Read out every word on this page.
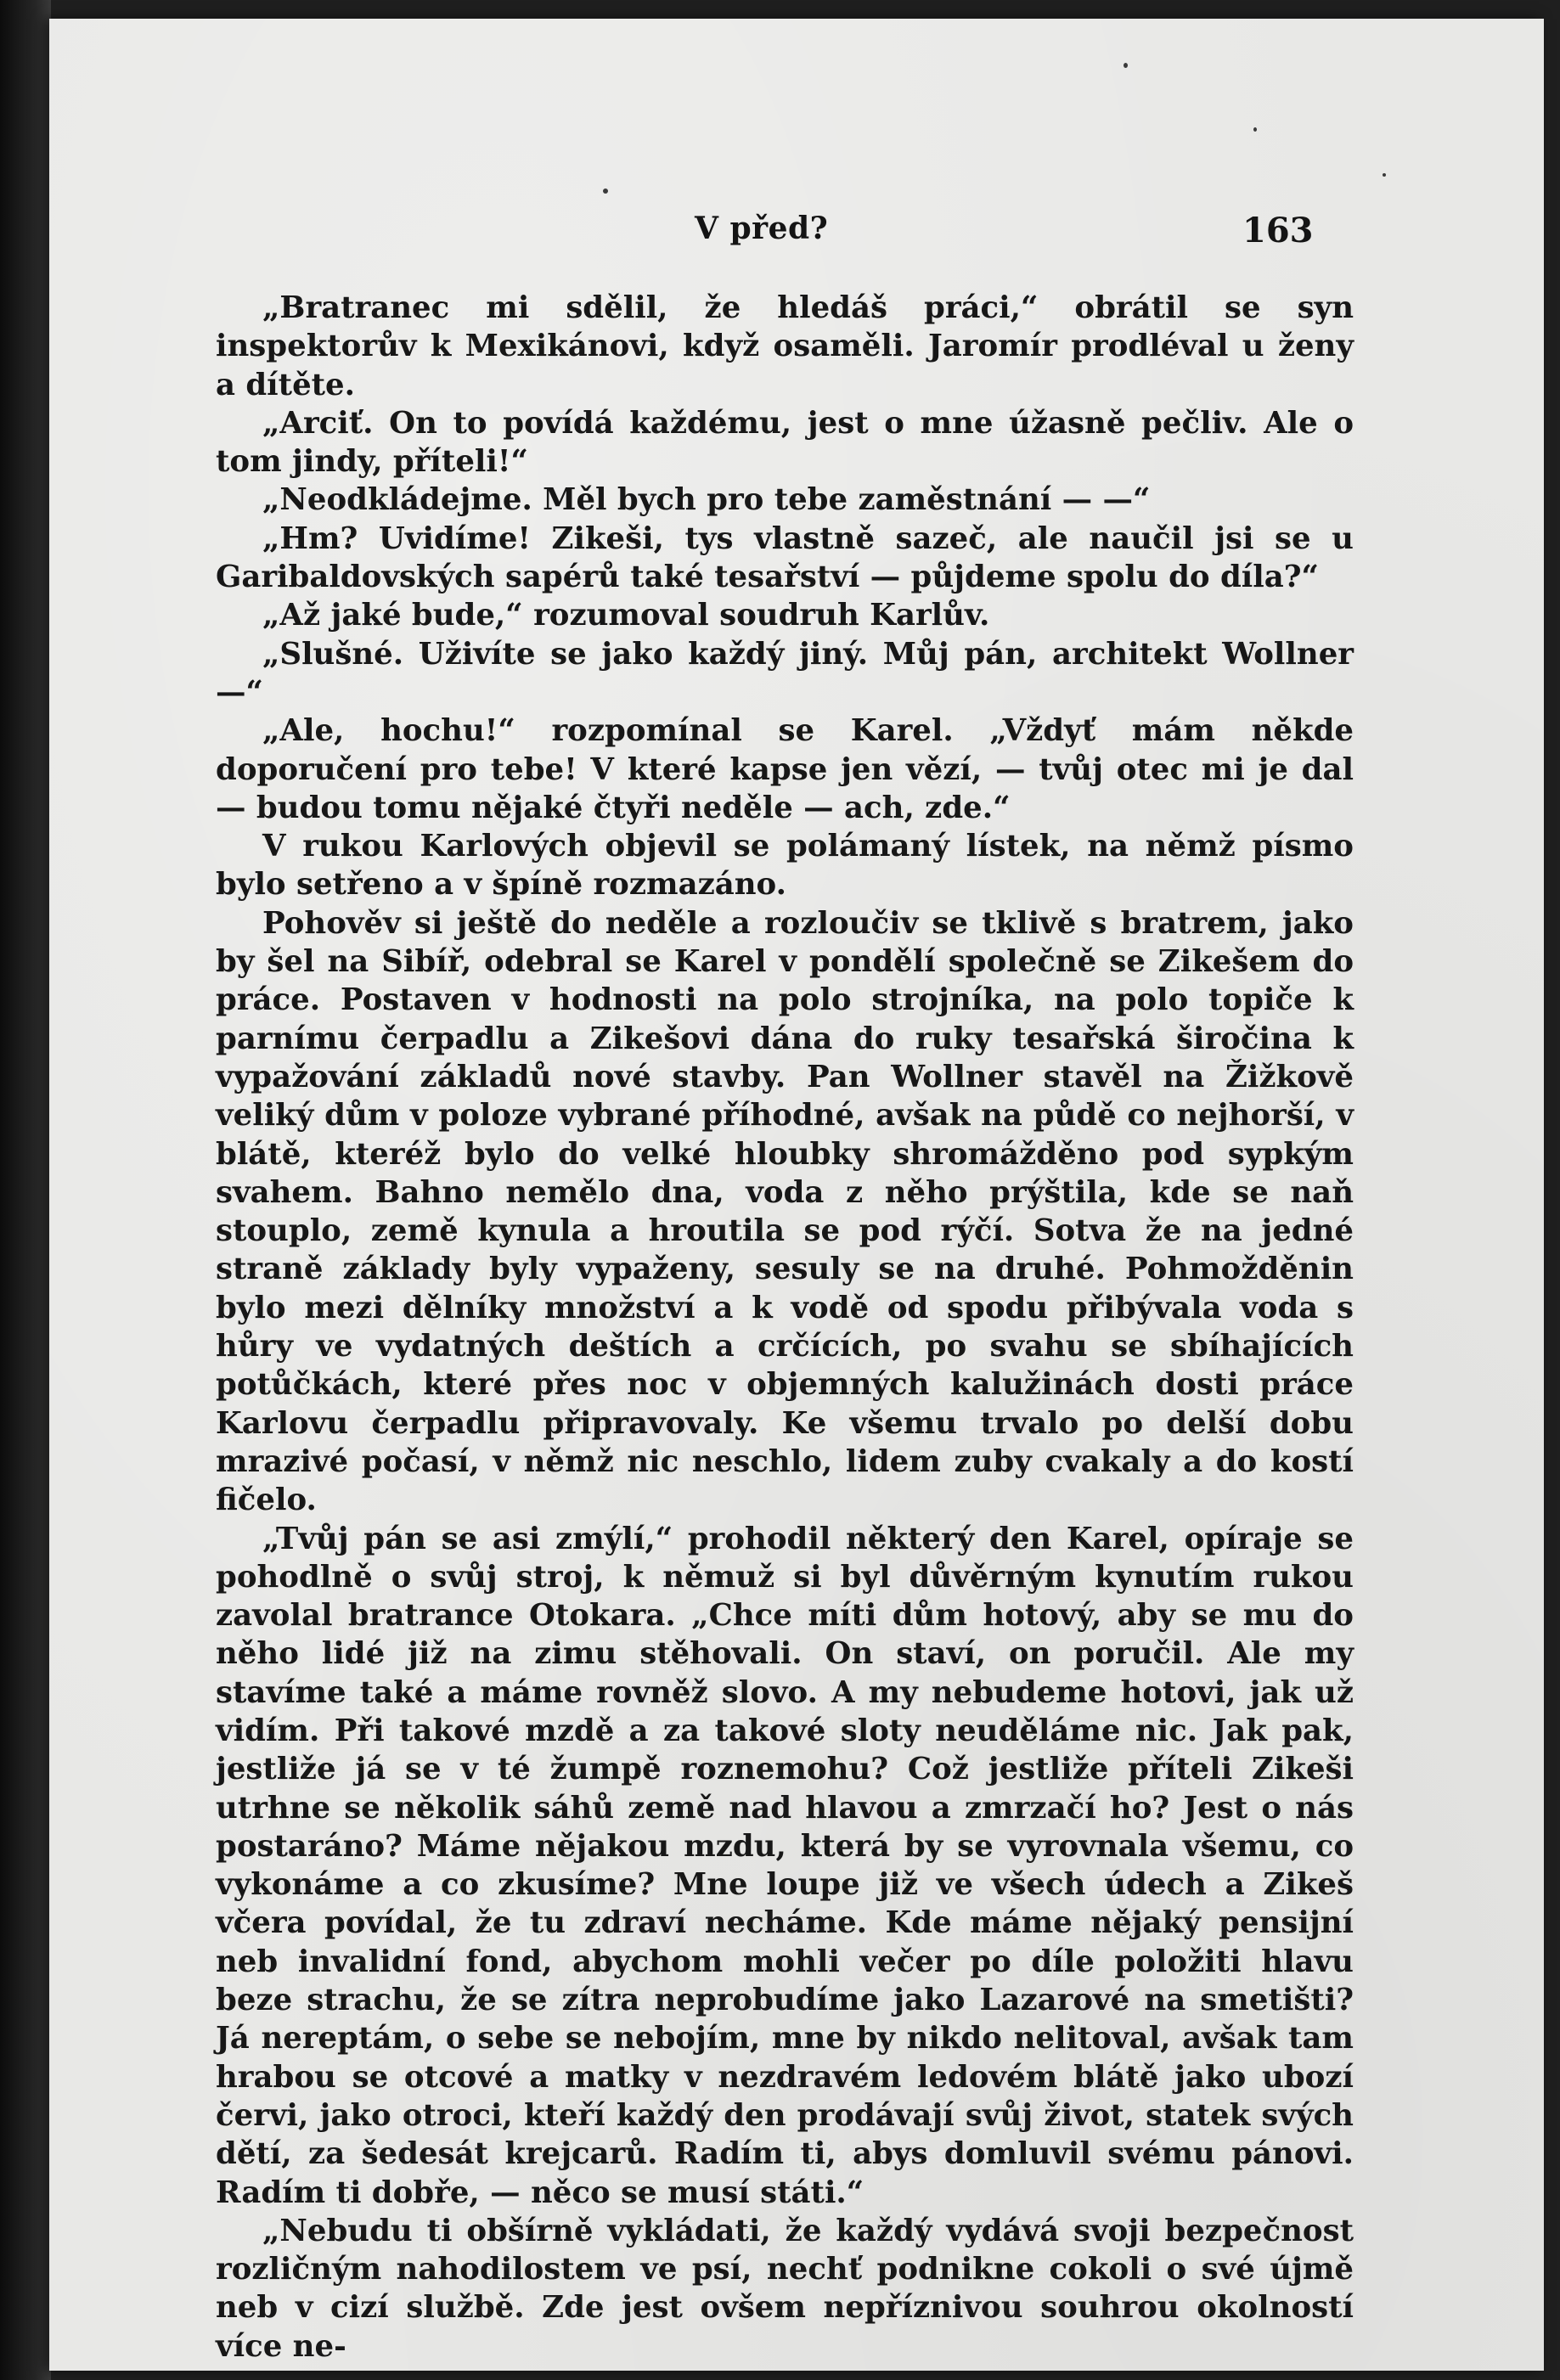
V před?	163

„Bratranec mi sdělil, že hledáš práci,“ obrátil se syn inspektorův k Mexikánovi, když osaměli. Jaromír prodléval u ženy a dítěte.

„Arciť. On to povídá každému, jest o mne úžasně pečliv. Ale o tom jindy, příteli!“

„Neodkládejme. Měl bych pro tebe zaměstnání — —“

„Hm? Uvidíme! Zikeši, tys vlastně sazeč, ale naučil jsi se u Garibaldovských sapérů také tesařství — půjdeme spolu do díla?“

„Až jaké bude,“ rozumoval soudruh Karlův.

„Slušné. Uživíte se jako každý jiný. Můj pán, architekt Wollner —“

„Ale, hochu!“ rozpomínal se Karel. „Vždyť mám někde doporučení pro tebe! V které kapse jen vězí, — tvůj otec mi je dal — budou tomu nějaké čtyři neděle — ach, zde.“

V rukou Karlových objevil se polámaný lístek, na němž písmo bylo setřeno a v špíně rozmazáno.

Pohověv si ještě do neděle a rozloučiv se tklivě s bratrem, jako by šel na Sibíř, odebral se Karel v pondělí společně se Zikešem do práce. Postaven v hodnosti na polo strojníka, na polo topiče k parnímu čerpadlu a Zikešovi dána do ruky tesařská širočina k vypažování základů nové stavby. Pan Wollner stavěl na Žižkově veliký dům v poloze vybrané příhodné, avšak na půdě co nejhorší, v blátě, kteréž bylo do velké hloubky shromážděno pod sypkým svahem. Bahno nemělo dna, voda z něho prýštila, kde se naň stouplo, země kynula a hroutila se pod rýčí. Sotva že na jedné straně základy byly vypaženy, sesuly se na druhé. Pohmožděnin bylo mezi dělníky množství a k vodě od spodu přibývala voda s hůry ve vydatných deštích a crčících, po svahu se sbíhajících potůčkách, které přes noc v objemných kalužinách dosti práce Karlovu čerpadlu připravovaly. Ke všemu trvalo po delší dobu mrazivé počasí, v němž nic neschlo, lidem zuby cvakaly a do kostí fičelo.

„Tvůj pán se asi zmýlí,“ prohodil některý den Karel, opíraje se pohodlně o svůj stroj, k němuž si byl důvěrným kynutím rukou zavolal bratrance Otokara. „Chce míti dům hotový, aby se mu do něho lidé již na zimu stěhovali. On staví, on poručil. Ale my stavíme také a máme rovněž slovo. A my nebudeme hotovi, jak už vidím. Při takové mzdě a za takové sloty neuděláme nic. Jak pak, jestliže já se v té žumpě roznemohu? Což jestliže příteli Zikeši utrhne se několik sáhů země nad hlavou a zmrzačí ho? Jest o nás postaráno? Máme nějakou mzdu, která by se vyrovnala všemu, co vykonáme a co zkusíme? Mne loupe již ve všech údech a Zikeš včera povídal, že tu zdraví necháme. Kde máme nějaký pensijní neb invalidní fond, abychom mohli večer po díle položiti hlavu beze strachu, že se zítra neprobudíme jako Lazarové na smetišti? Já nereptám, o sebe se nebojím, mne by nikdo nelitoval, avšak tam hrabou se otcové a matky v nezdravém ledovém blátě jako ubozí červi, jako otroci, kteří každý den prodávají svůj život, statek svých dětí, za šedesát krejcarů. Radím ti, abys domluvil svému pánovi. Radím ti dobře, — něco se musí státi.“

„Nebudu ti obšírně vykládati, že každý vydává svoji bezpečnost rozličným nahodilostem ve psí, nechť podnikne cokoli o své újmě neb v cizí službě. Zde jest ovšem nepříznivou souhrou okolností více ne-
